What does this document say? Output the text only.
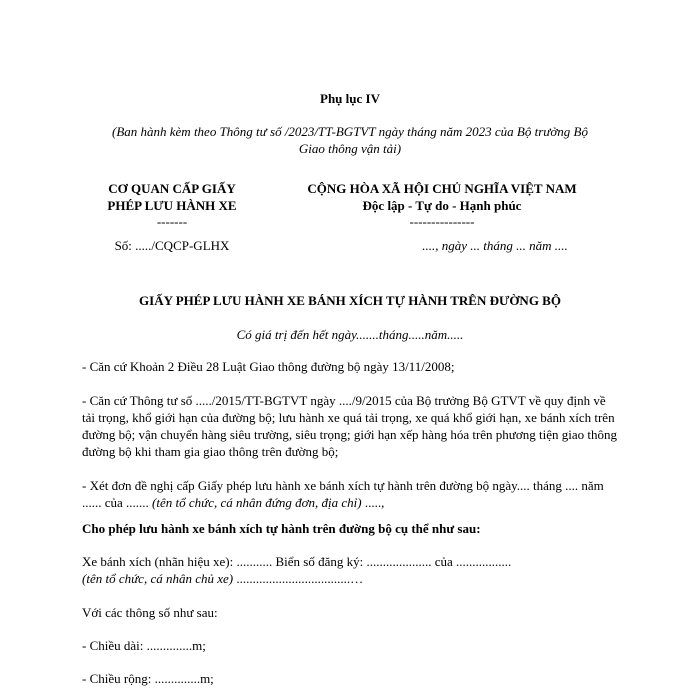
Phụ lục IV
(Ban hành kèm theo Thông tư số /2023/TT-BGTVT ngày tháng năm 2023 của Bộ trưởng Bộ
Giao thông vận tải)
CƠ QUAN CẤP GIẤY
PHÉP LƯU HÀNH XE
-------
Số: ...../CQCP-GLHX
CỘNG HÒA XÃ HỘI CHỦ NGHĨA VIỆT NAM
Độc lập - Tự do - Hạnh phúc
---------------
...., ngày ... tháng ... năm ....
GIẤY PHÉP LƯU HÀNH XE BÁNH XÍCH TỰ HÀNH TRÊN ĐƯỜNG BỘ
Có giá trị đến hết ngày.......tháng.....năm.....
- Căn cứ Khoản 2 Điều 28 Luật Giao thông đường bộ ngày 13/11/2008;
- Căn cứ Thông tư số ...../2015/TT-BGTVT ngày ..../9/2015 của Bộ trưởng Bộ GTVT về quy định về tải trọng, khổ giới hạn của đường bộ; lưu hành xe quá tải trọng, xe quá khổ giới hạn, xe bánh xích trên đường bộ; vận chuyển hàng siêu trường, siêu trọng; giới hạn xếp hàng hóa trên phương tiện giao thông đường bộ khi tham gia giao thông trên đường bộ;
- Xét đơn đề nghị cấp Giấy phép lưu hành xe bánh xích tự hành trên đường bộ ngày.... tháng .... năm ...... của ....... (tên tổ chức, cá nhân đứng đơn, địa chỉ) .....,
Cho phép lưu hành xe bánh xích tự hành trên đường bộ cụ thể như sau:
Xe bánh xích (nhãn hiệu xe): ........... Biển số đăng ký: .................... của .................
(tên tổ chức, cá nhân chủ xe) ...................................…
Với các thông số như sau:
- Chiều dài: ..............m;
- Chiều rộng: ..............m;
